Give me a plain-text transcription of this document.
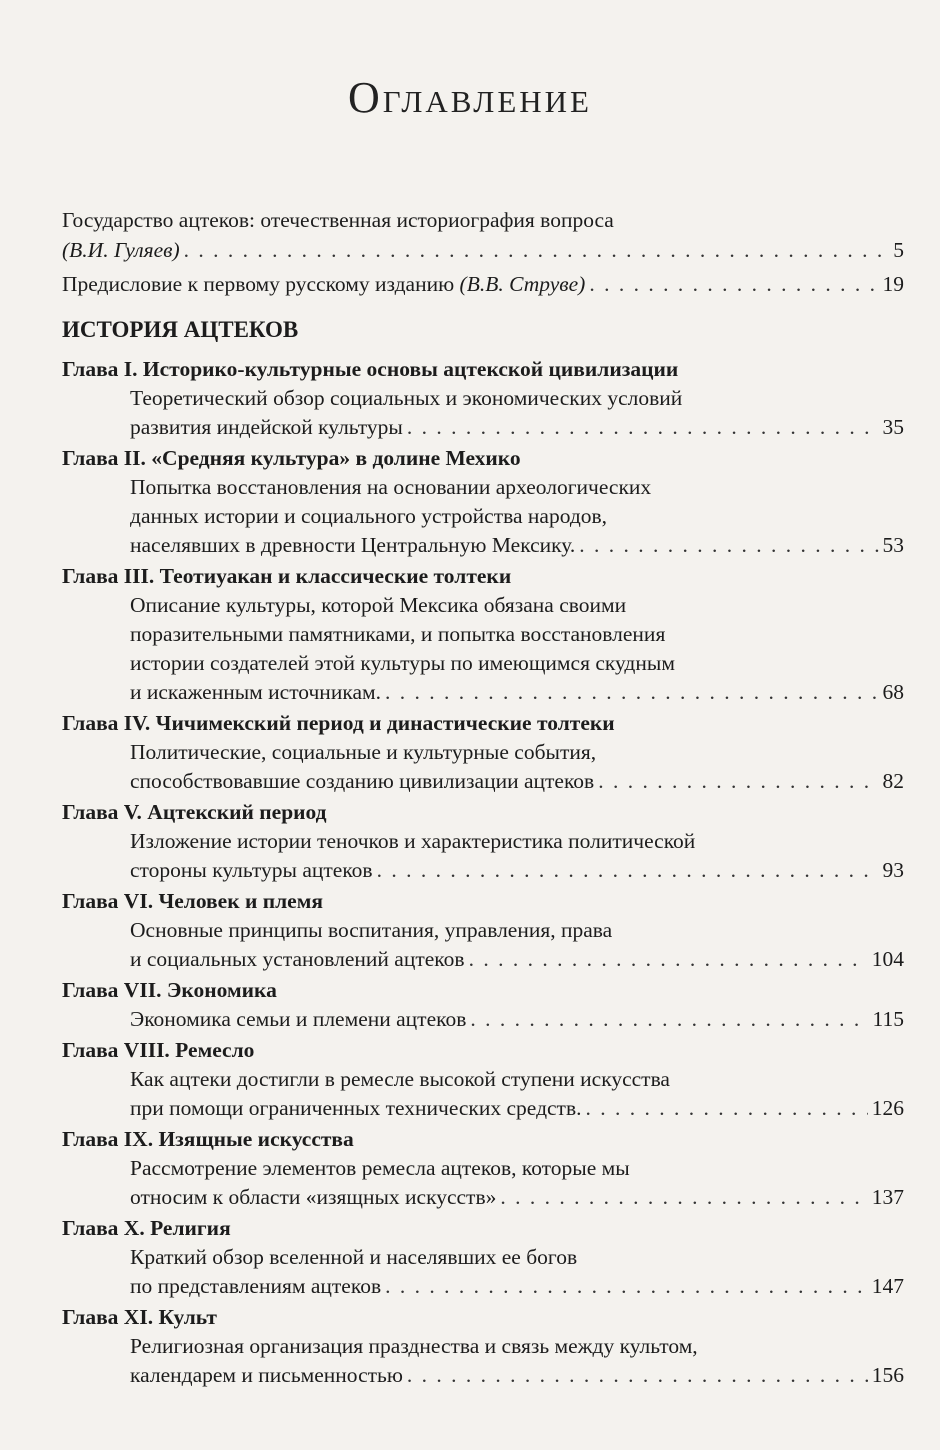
Оглавление
Государство ацтеков: отечественная историография вопроса
(В.И. Гуляев) . . .	5
Предисловие к первому русскому изданию (В.В. Струве) . . .	19
ИСТОРИЯ АЦТЕКОВ
Глава I. Историко-культурные основы ацтекской цивилизации
Теоретический обзор социальных и экономических условий
развития индейской культуры . . .	35
Глава II. «Средняя культура» в долине Мехико
Попытка восстановления на основании археологических
данных истории и социального устройства народов,
населявших в древности Центральную Мексику. . . .	53
Глава III. Теотиуакан и классические толтеки
Описание культуры, которой Мексика обязана своими
поразительными памятниками, и попытка восстановления
истории создателей этой культуры по имеющимся скудным
и искаженным источникам. . . .	68
Глава IV. Чичимекский период и династические толтеки
Политические, социальные и культурные события,
способствовавшие созданию цивилизации ацтеков . . .	82
Глава V. Ацтекский период
Изложение истории теночков и характеристика политической
стороны культуры ацтеков . . .	93
Глава VI. Человек и племя
Основные принципы воспитания, управления, права
и социальных установлений ацтеков . . .	104
Глава VII. Экономика
Экономика семьи и племени ацтеков . . .	115
Глава VIII. Ремесло
Как ацтеки достигли в ремесле высокой ступени искусства
при помощи ограниченных технических средств. . . .	126
Глава IX. Изящные искусства
Рассмотрение элементов ремесла ацтеков, которые мы
относим к области «изящных искусств» . . .	137
Глава X. Религия
Краткий обзор вселенной и населявших ее богов
по представлениям ацтеков . . .	147
Глава XI. Культ
Религиозная организация празднества и связь между культом,
календарем и письменностью . . .	156
